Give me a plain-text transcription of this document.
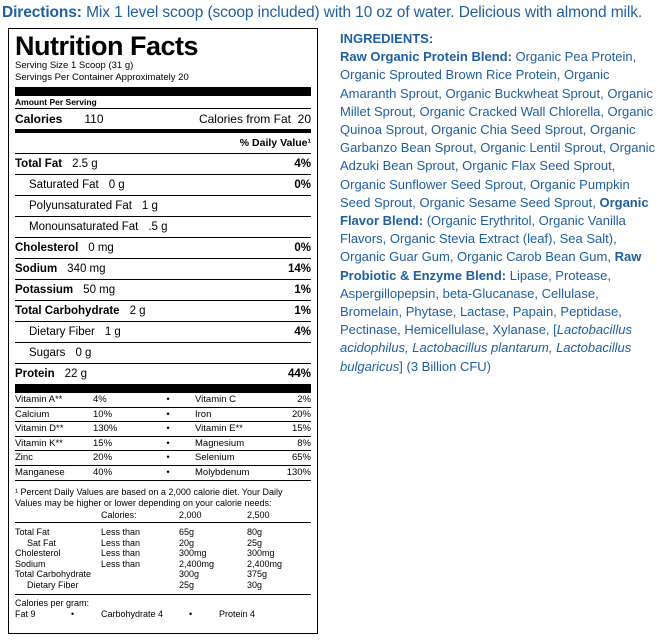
Directions: Mix 1 level scoop (scoop included) with 10 oz of water. Delicious with almond milk.
Nutrition Facts
Serving Size 1 Scoop (31 g)
Servings Per Container Approximately 20
Amount Per Serving
Calories 110	Calories from Fat 20
% Daily Value¹
Total Fat 2.5 g	4%
Saturated Fat 0 g	0%
Polyunsaturated Fat 1 g
Monounsaturated Fat .5 g
Cholesterol 0 mg	0%
Sodium 340 mg	14%
Potassium 50 mg	1%
Total Carbohydrate 2 g	1%
Dietary Fiber 1 g	4%
Sugars 0 g
Protein 22 g	44%
Vitamin A**	4%	•	Vitamin C	2%
Calcium	10%	•	Iron	20%
Vitamin D**	130%	•	Vitamin E**	15%
Vitamin K**	15%	•	Magnesium	8%
Zinc	20%	•	Selenium	65%
Manganese	40%	•	Molybdenum	130%
¹ Percent Daily Values are based on a 2,000 calorie diet. Your Daily Values may be higher or lower depending on your calorie needs:
Calories:	2,000	2,500
Total Fat	Less than	65g	80g
Sat Fat	Less than	20g	25g
Cholesterol	Less than	300mg	300mg
Sodium	Less than	2,400mg	2,400mg
Total Carbohydrate	300g	375g
Dietary Fiber	25g	30g
Calories per gram:
Fat 9	•	Carbohydrate 4	•	Protein 4
INGREDIENTS:
Raw Organic Protein Blend: Organic Pea Protein, Organic Sprouted Brown Rice Protein, Organic Amaranth Sprout, Organic Buckwheat Sprout, Organic Millet Sprout, Organic Cracked Wall Chlorella, Organic Quinoa Sprout, Organic Chia Seed Sprout, Organic Garbanzo Bean Sprout, Organic Lentil Sprout, Organic Adzuki Bean Sprout, Organic Flax Seed Sprout, Organic Sunflower Seed Sprout, Organic Pumpkin Seed Sprout, Organic Sesame Seed Sprout, Organic Flavor Blend: (Organic Erythritol, Organic Vanilla Flavors, Organic Stevia Extract (leaf), Sea Salt), Organic Guar Gum, Organic Carob Bean Gum, Raw Probiotic & Enzyme Blend: Lipase, Protease, Aspergillopepsin, beta-Glucanase, Cellulase, Bromelain, Phytase, Lactase, Papain, Peptidase, Pectinase, Hemicellulase, Xylanase, [Lactobacillus acidophilus, Lactobacillus plantarum, Lactobacillus bulgaricus] (3 Billion CFU)
